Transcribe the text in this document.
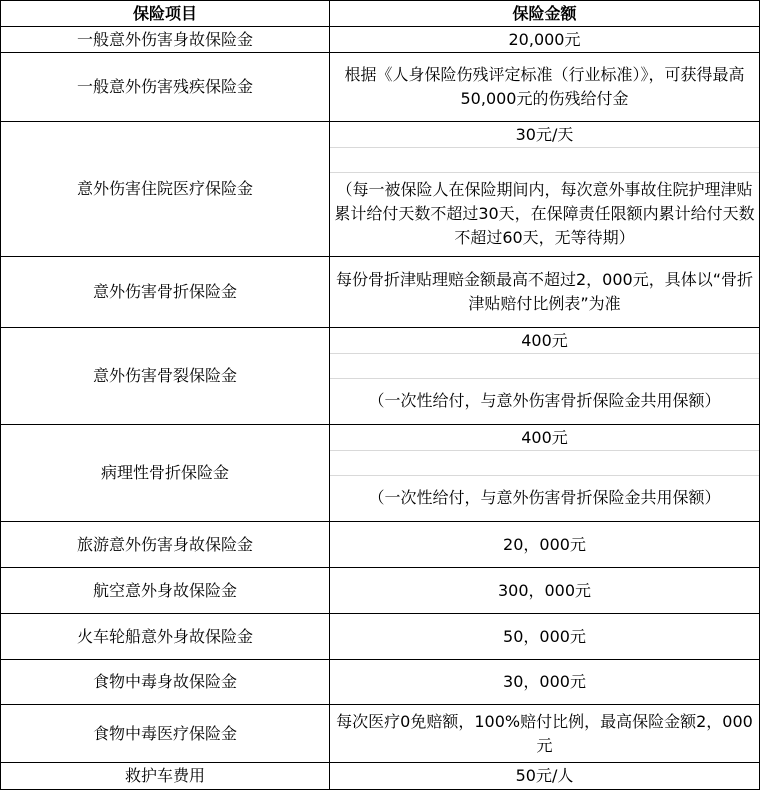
保险项目	保险金额
一般意外伤害身故保险金	20,000元
一般意外伤害残疾保险金	根据《人身保险伤残评定标准（行业标准）》，可获得最高50,000元的伤残给付金
意外伤害住院医疗保险金	30元/天
（每一被保险人在保险期间内，每次意外事故住院护理津贴累计给付天数不超过30天，在保障责任限额内累计给付天数不超过60天，无等待期）

意外伤害骨折保险金	每份骨折津贴理赔金额最高不超过2，000元，具体以“骨折津贴赔付比例表”为准
意外伤害骨裂保险金	400元
（一次性给付，与意外伤害骨折保险金共用保额）

病理性骨折保险金	400元
（一次性给付，与意外伤害骨折保险金共用保额）

旅游意外伤害身故保险金	20，000元
航空意外身故保险金	300，000元
火车轮船意外身故保险金	50，000元
食物中毒身故保险金	30，000元
食物中毒医疗保险金	每次医疗0免赔额，100%赔付比例，最高保险金额2，000元
救护车费用	50元/人
